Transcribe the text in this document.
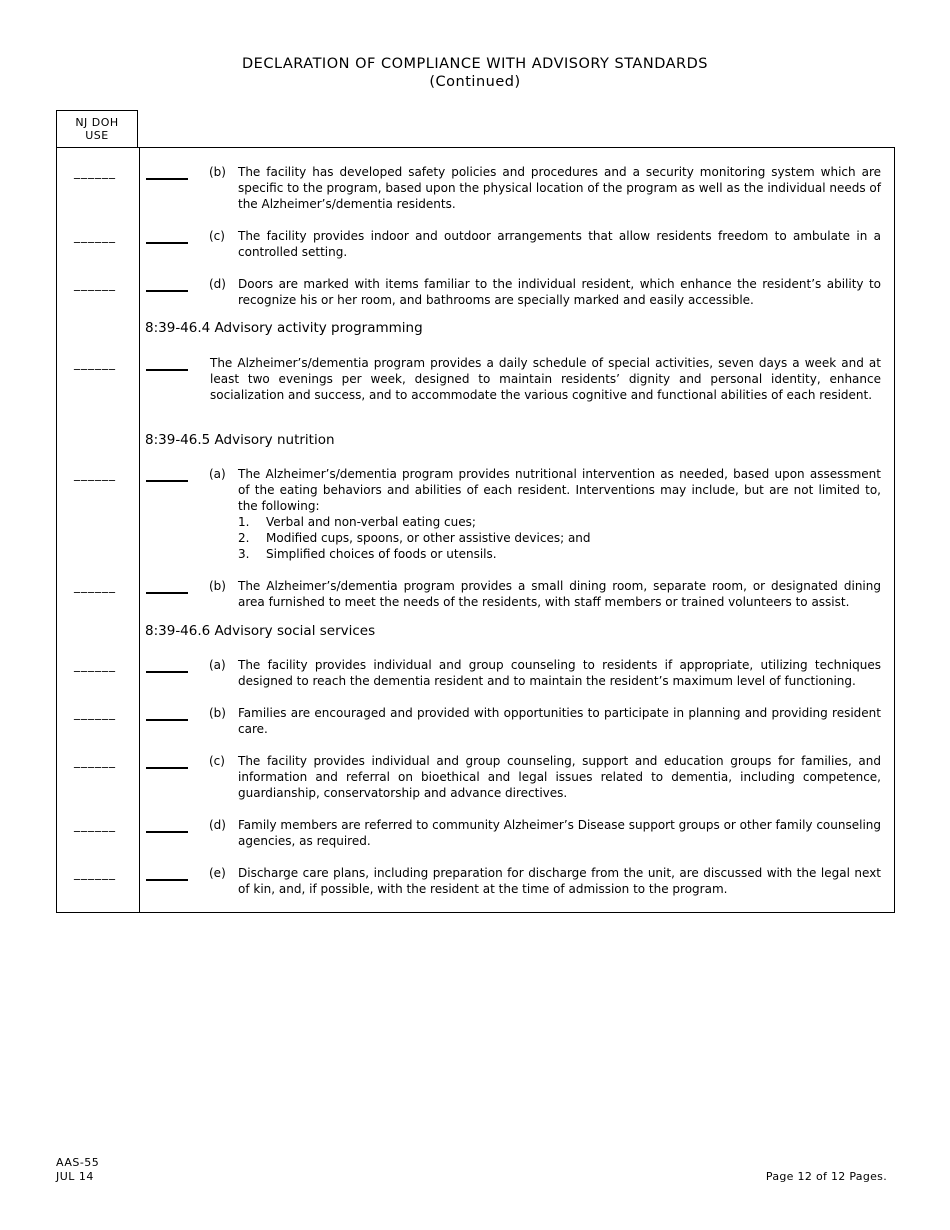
DECLARATION OF COMPLIANCE WITH ADVISORY STANDARDS
(Continued)
NJ DOH
USE
______	(b) The facility has developed safety policies and procedures and a security monitoring system which are specific to the program, based upon the physical location of the program as well as the individual needs of the Alzheimer’s/dementia residents.
______	(c) The facility provides indoor and outdoor arrangements that allow residents freedom to ambulate in a controlled setting.
______	(d) Doors are marked with items familiar to the individual resident, which enhance the resident’s ability to recognize his or her room, and bathrooms are specially marked and easily accessible.
8:39-46.4 Advisory activity programming
______	The Alzheimer’s/dementia program provides a daily schedule of special activities, seven days a week and at least two evenings per week, designed to maintain residents’ dignity and personal identity, enhance socialization and success, and to accommodate the various cognitive and functional abilities of each resident.
8:39-46.5 Advisory nutrition
______	(a) The Alzheimer’s/dementia program provides nutritional intervention as needed, based upon assessment of the eating behaviors and abilities of each resident. Interventions may include, but are not limited to, the following:
1. Verbal and non-verbal eating cues;
2. Modified cups, spoons, or other assistive devices; and
3. Simplified choices of foods or utensils.
______	(b) The Alzheimer’s/dementia program provides a small dining room, separate room, or designated dining area furnished to meet the needs of the residents, with staff members or trained volunteers to assist.
8:39-46.6 Advisory social services
______	(a) The facility provides individual and group counseling to residents if appropriate, utilizing techniques designed to reach the dementia resident and to maintain the resident’s maximum level of functioning.
______	(b) Families are encouraged and provided with opportunities to participate in planning and providing resident care.
______	(c) The facility provides individual and group counseling, support and education groups for families, and information and referral on bioethical and legal issues related to dementia, including competence, guardianship, conservatorship and advance directives.
______	(d) Family members are referred to community Alzheimer’s Disease support groups or other family counseling agencies, as required.
______	(e) Discharge care plans, including preparation for discharge from the unit, are discussed with the legal next of kin, and, if possible, with the resident at the time of admission to the program.
AAS-55
JUL 14	Page 12 of 12 Pages.
